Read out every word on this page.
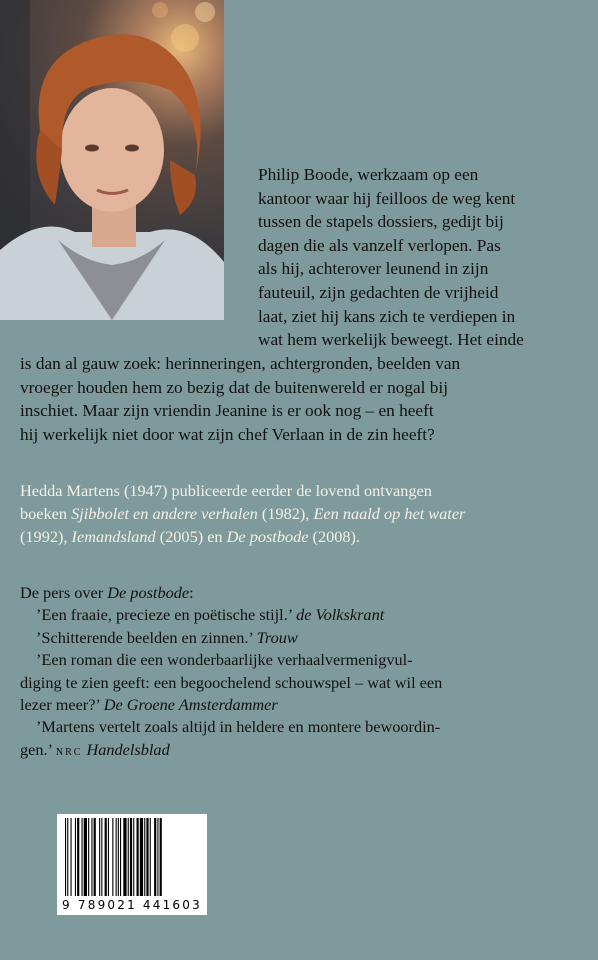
Philip Boode, werkzaam op een
kantoor waar hij feilloos de weg kent
tussen de stapels dossiers, gedijt bij
dagen die als vanzelf verlopen. Pas
als hij, achterover leunend in zijn
fauteuil, zijn gedachten de vrijheid
laat, ziet hij kans zich te verdiepen in
wat hem werkelijk beweegt. Het einde
is dan al gauw zoek: herinneringen, achtergronden, beelden van
vroeger houden hem zo bezig dat de buitenwereld er nogal bij
inschiet. Maar zijn vriendin Jeanine is er ook nog – en heeft
hij werkelijk niet door wat zijn chef Verlaan in de zin heeft?
Hedda Martens (1947) publiceerde eerder de lovend ontvangen
boeken Sjibbolet en andere verhalen (1982), Een naald op het water
(1992), Iemandsland (2005) en De postbode (2008).
De pers over De postbode:
’Een fraaie, precieze en poëtische stijl.’ de Volkskrant
’Schitterende beelden en zinnen.’ Trouw
’Een roman die een wonderbaarlijke verhaalvermenigvul-
diging te zien geeft: een begoochelend schouwspel – wat wil een
lezer meer?’ De Groene Amsterdammer
’Martens vertelt zoals altijd in heldere en montere bewoordin-
gen.’ NRC Handelsblad
9 789021 441603
